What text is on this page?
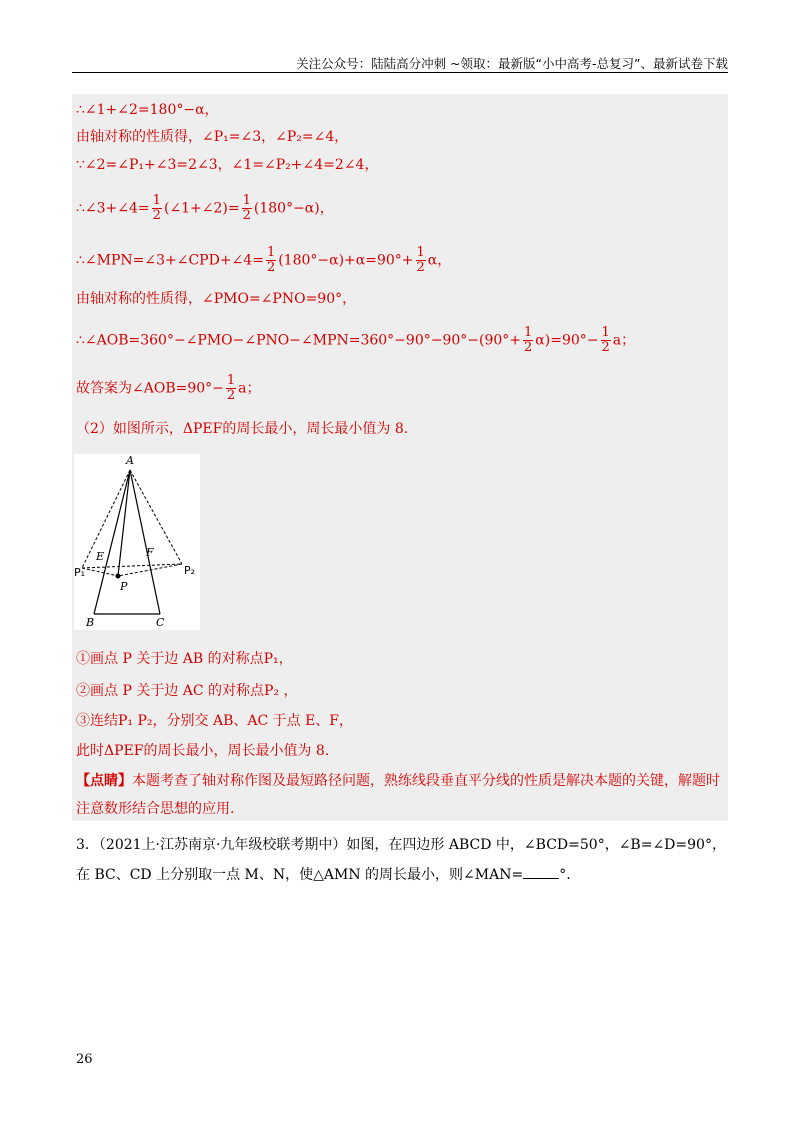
关注公众号：陆陆高分冲刺 ~领取：最新版“小中高考-总复习”、最新试卷下载
∴∠1+∠2=180°−α，
由轴对称的性质得，∠P₁=∠3，∠P₂=∠4，
∵∠2=∠P₁+∠3=2∠3，∠1=∠P₂+∠4=2∠4，
∴∠3+∠4= $\frac{1}{2}$ (∠1+∠2)= $\frac{1}{2} (180^\circ-\alpha)$，
∴∠MPN=∠3+∠CPD+∠4= $\frac{1}{2} (180^\circ-\alpha)+\alpha=90^\circ+ \frac{1}{2}$ α，
由轴对称的性质得，∠PMO=∠PNO=90°，
∴∠AOB=360°−∠PMO−∠PNO−∠MPN=360°−90°−90°−(90°+ $\frac{1}{2} \alpha)=90^\circ- \frac{1}{2}$ a；
故答案为∠AOB=90°− $\frac{1}{2}$ a；
（2）如图所示，ΔPEF的周长最小，周长最小值为 8.
A
B	C
E	F
P
P₁	P₂
①画点 P 关于边 AB 的对称点P₁，
②画点 P 关于边 AC 的对称点P₂ ，
③连结P₁ P₂，分别交 AB、AC 于点 E、F，
此时ΔPEF的周长最小，周长最小值为 8.
【点睛】本题考查了轴对称作图及最短路径问题，熟练线段垂直平分线的性质是解决本题的关键，解题时
注意数形结合思想的应用.
3．（2021上·江苏南京·九年级校联考期中）如图，在四边形 ABCD 中，∠BCD=50°，∠B=∠D=90°，
在 BC、CD 上分别取一点 M、N，使△AMN 的周长最小，则∠MAN=	°.
26
